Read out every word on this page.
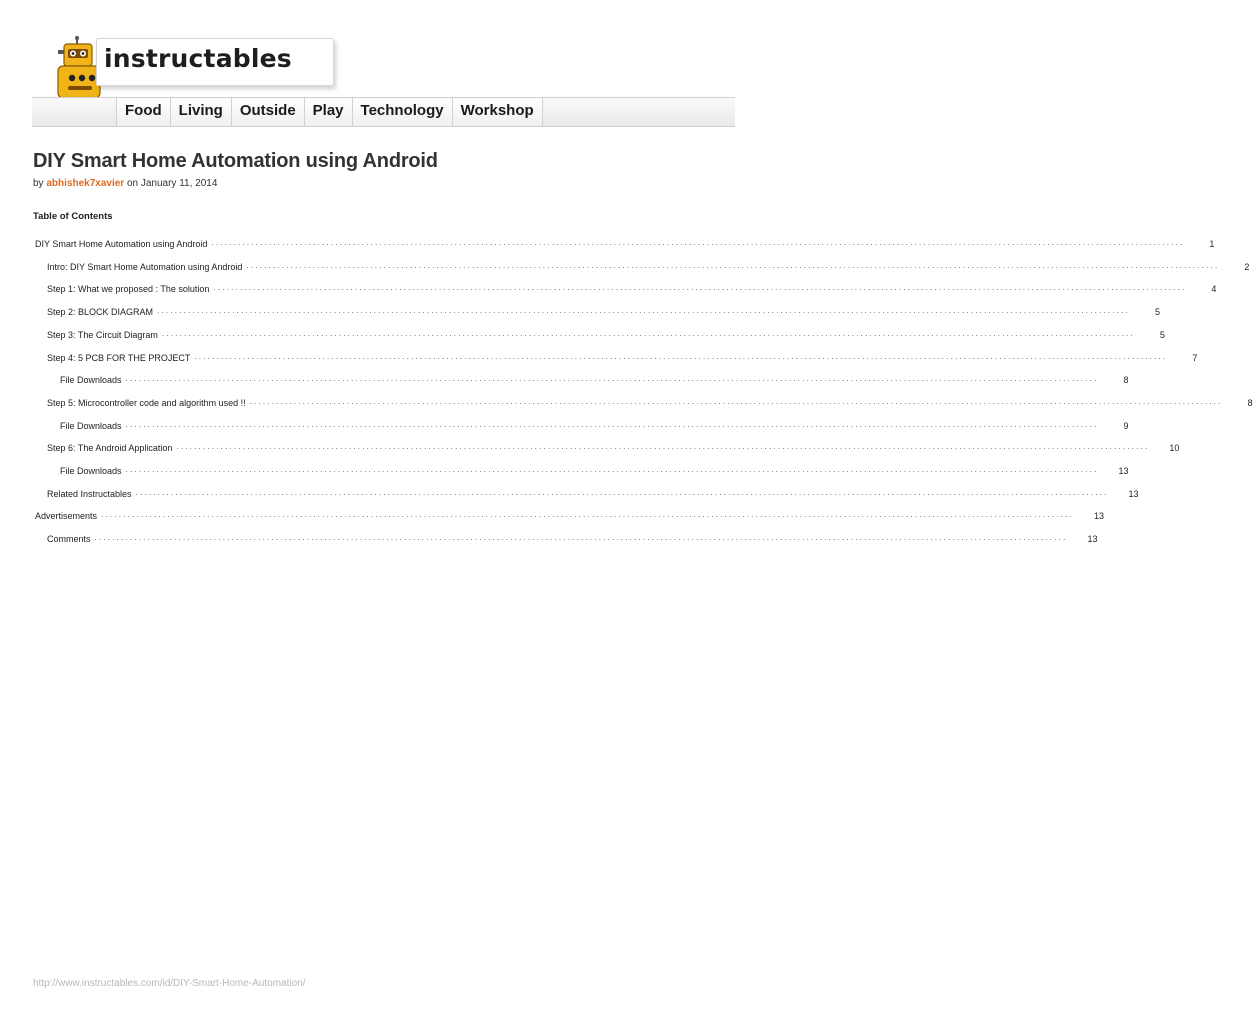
instructables
Food	Living	Outside	Play	Technology	Workshop
DIY Smart Home Automation using Android
by abhishek7xavier on January 11, 2014
Table of Contents
DIY Smart Home Automation using Android ............................................................................................................................................................................................................................	1
Intro: DIY Smart Home Automation using Android ............................................................................................................................................................................................................................	2
Step 1: What we proposed : The solution ............................................................................................................................................................................................................................	4
Step 2: BLOCK DIAGRAM ............................................................................................................................................................................................................................	5
Step 3: The Circuit Diagram ............................................................................................................................................................................................................................	5
Step 4: 5 PCB FOR THE PROJECT ............................................................................................................................................................................................................................	7
File Downloads ............................................................................................................................................................................................................................	8
Step 5: Microcontroller code and algorithm used !! ............................................................................................................................................................................................................................	8
File Downloads ............................................................................................................................................................................................................................	9
Step 6: The Android Application ............................................................................................................................................................................................................................	10
File Downloads ............................................................................................................................................................................................................................	13
Related Instructables ............................................................................................................................................................................................................................	13
Advertisements ............................................................................................................................................................................................................................	13
Comments ............................................................................................................................................................................................................................	13
http://www.instructables.com/id/DIY-Smart-Home-Automation/
